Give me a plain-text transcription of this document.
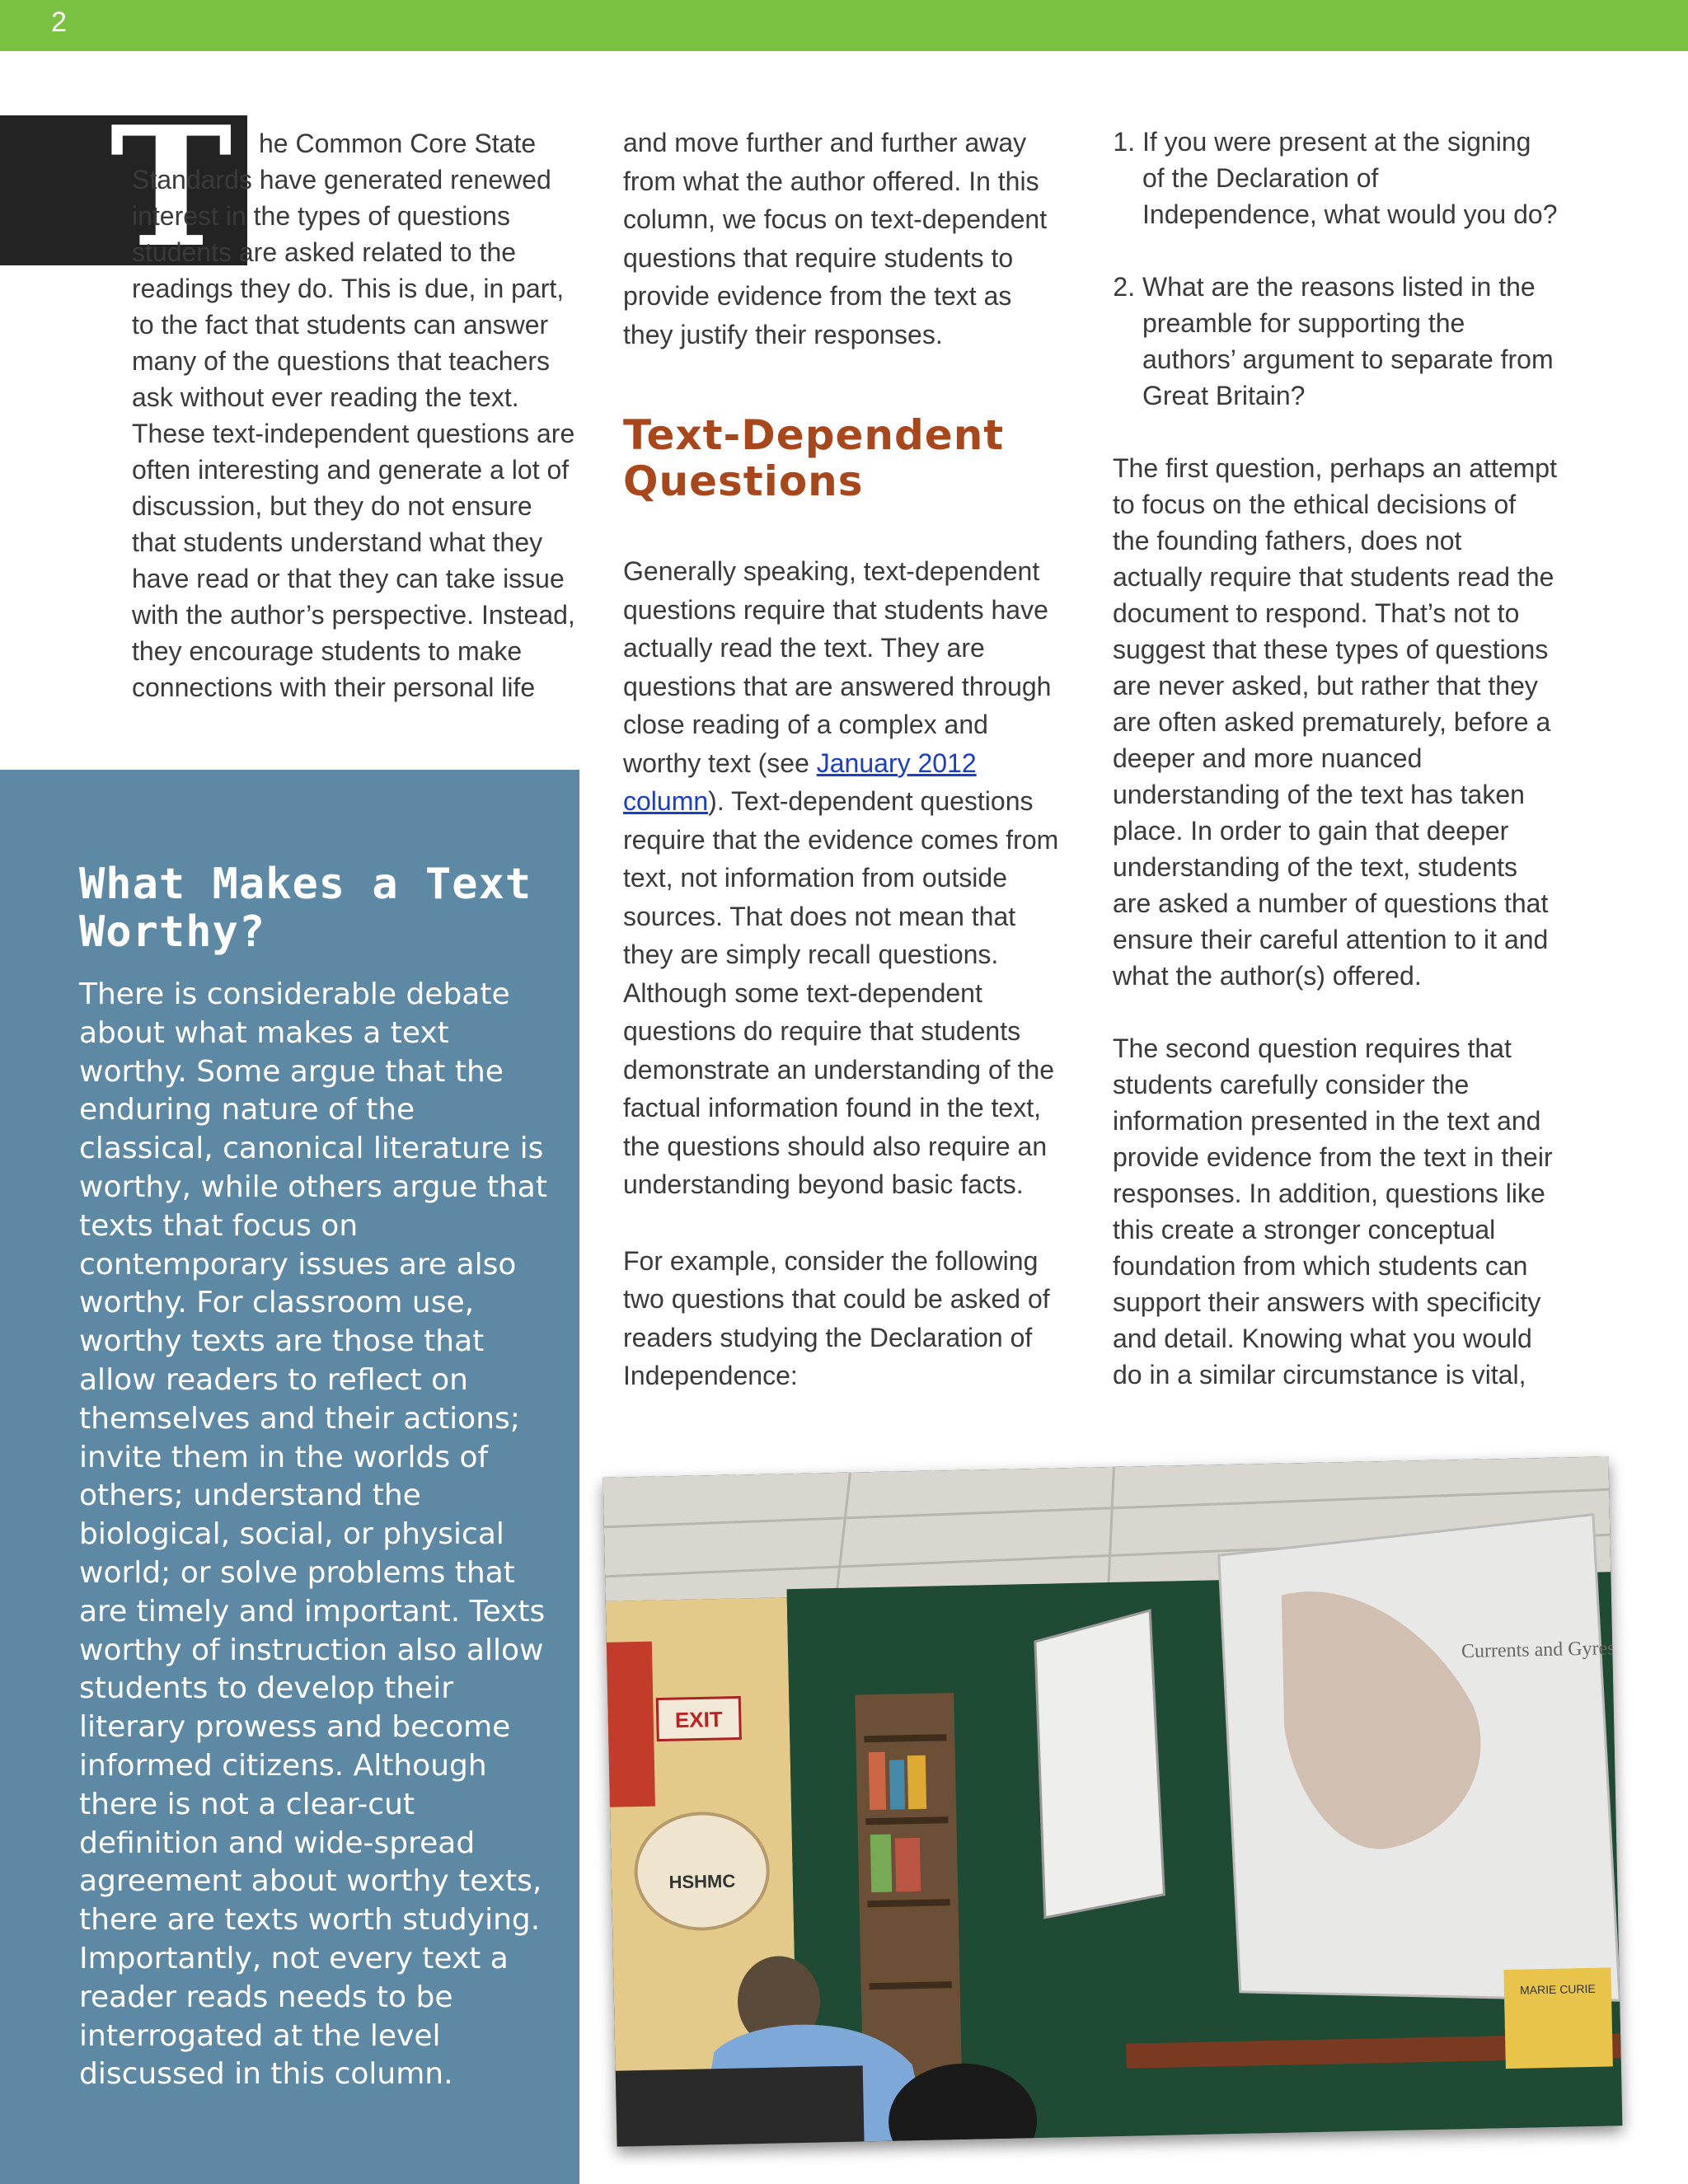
2
T	he Common Core State Standards have generated renewed interest in the types of questions students are asked related to the readings they do. This is due, in part, to the fact that students can answer many of the questions that teachers ask without ever reading the text. These text-independent questions are often interesting and generate a lot of discussion, but they do not ensure that students understand what they have read or that they can take issue with the author’s perspective. Instead, they encourage students to make connections with their personal life

What Makes a Text Worthy?

There is considerable debate about what makes a text worthy. Some argue that the enduring nature of the classical, canonical literature is worthy, while others argue that texts that focus on contemporary issues are also worthy. For classroom use, worthy texts are those that allow readers to reflect on themselves and their actions; invite them in the worlds of others; understand the biological, social, or physical world; or solve problems that are timely and important. Texts worthy of instruction also allow students to develop their literary prowess and become informed citizens. Although there is not a clear-cut definition and wide-spread agreement about worthy texts, there are texts worth studying. Importantly, not every text a reader reads needs to be interrogated at the level discussed in this column.

and move further and further away from what the author offered. In this column, we focus on text-dependent questions that require students to provide evidence from the text as they justify their responses.

Text-Dependent Questions

Generally speaking, text-dependent questions require that students have actually read the text. They are questions that are answered through close reading of a complex and worthy text (see January 2012 column). Text-dependent questions require that the evidence comes from text, not information from outside sources. That does not mean that they are simply recall questions. Although some text-dependent questions do require that students demonstrate an understanding of the factual information found in the text, the questions should also require an understanding beyond basic facts.

For example, consider the following two questions that could be asked of readers studying the Declaration of Independence:

1. If you were present at the signing of the Declaration of Independence, what would you do?
2. What are the reasons listed in the preamble for supporting the authors’ argument to separate from Great Britain?

The first question, perhaps an attempt to focus on the ethical decisions of the founding fathers, does not actually require that students read the document to respond. That’s not to suggest that these types of questions are never asked, but rather that they are often asked prematurely, before a deeper and more nuanced understanding of the text has taken place. In order to gain that deeper understanding of the text, students are asked a number of questions that ensure their careful attention to it and what the author(s) offered.

The second question requires that students carefully consider the information presented in the text and provide evidence from the text in their responses. In addition, questions like this create a stronger conceptual foundation from which students can support their answers with specificity and detail. Knowing what you would do in a similar circumstance is vital,

EXIT
HSHMC
Currents and Gyres
MARIE CURIE
